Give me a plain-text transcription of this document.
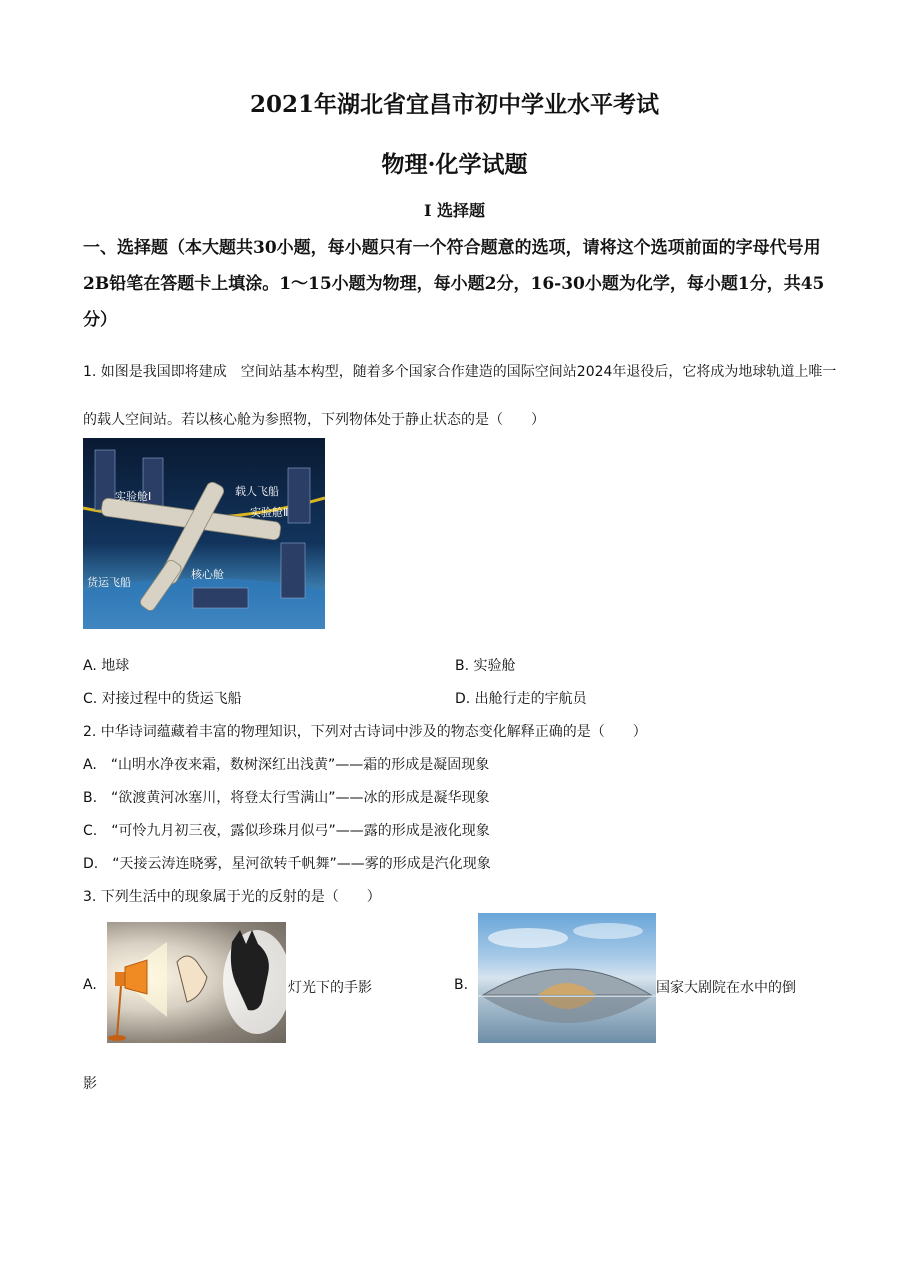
2021年湖北省宜昌市初中学业水平考试
物理·化学试题
I 选择题
一、选择题（本大题共30小题，每小题只有一个符合题意的选项，请将这个选项前面的字母代号用2B铅笔在答题卡上填涂。1～15小题为物理，每小题2分，16-30小题为化学，每小题1分，共45分）
1. 如图是我国即将建成　空间站基本构型，随着多个国家合作建造的国际空间站2024年退役后，它将成为地球轨道上唯一的载人空间站。若以核心舱为参照物，下列物体处于静止状态的是（　　）
实验舱Ⅰ	载人飞船
实验舱Ⅱ
核心舱
货运飞船
A. 地球	B. 实验舱
C. 对接过程中的货运飞船	D. 出舱行走的宇航员
2. 中华诗词蕴藏着丰富的物理知识，下列对古诗词中涉及的物态变化解释正确的是（　　）
A.　“山明水净夜来霜，数树深红出浅黄”——霜的形成是凝固现象
B.　“欲渡黄河冰塞川，将登太行雪满山”——冰的形成是凝华现象
C.　“可怜九月初三夜，露似珍珠月似弓”——露的形成是液化现象
D.　“天接云涛连晓雾，星河欲转千帆舞”——雾的形成是汽化现象
3. 下列生活中的现象属于光的反射的是（　　）
A.	灯光下的手影	B.	国家大剧院在水中的倒
影
